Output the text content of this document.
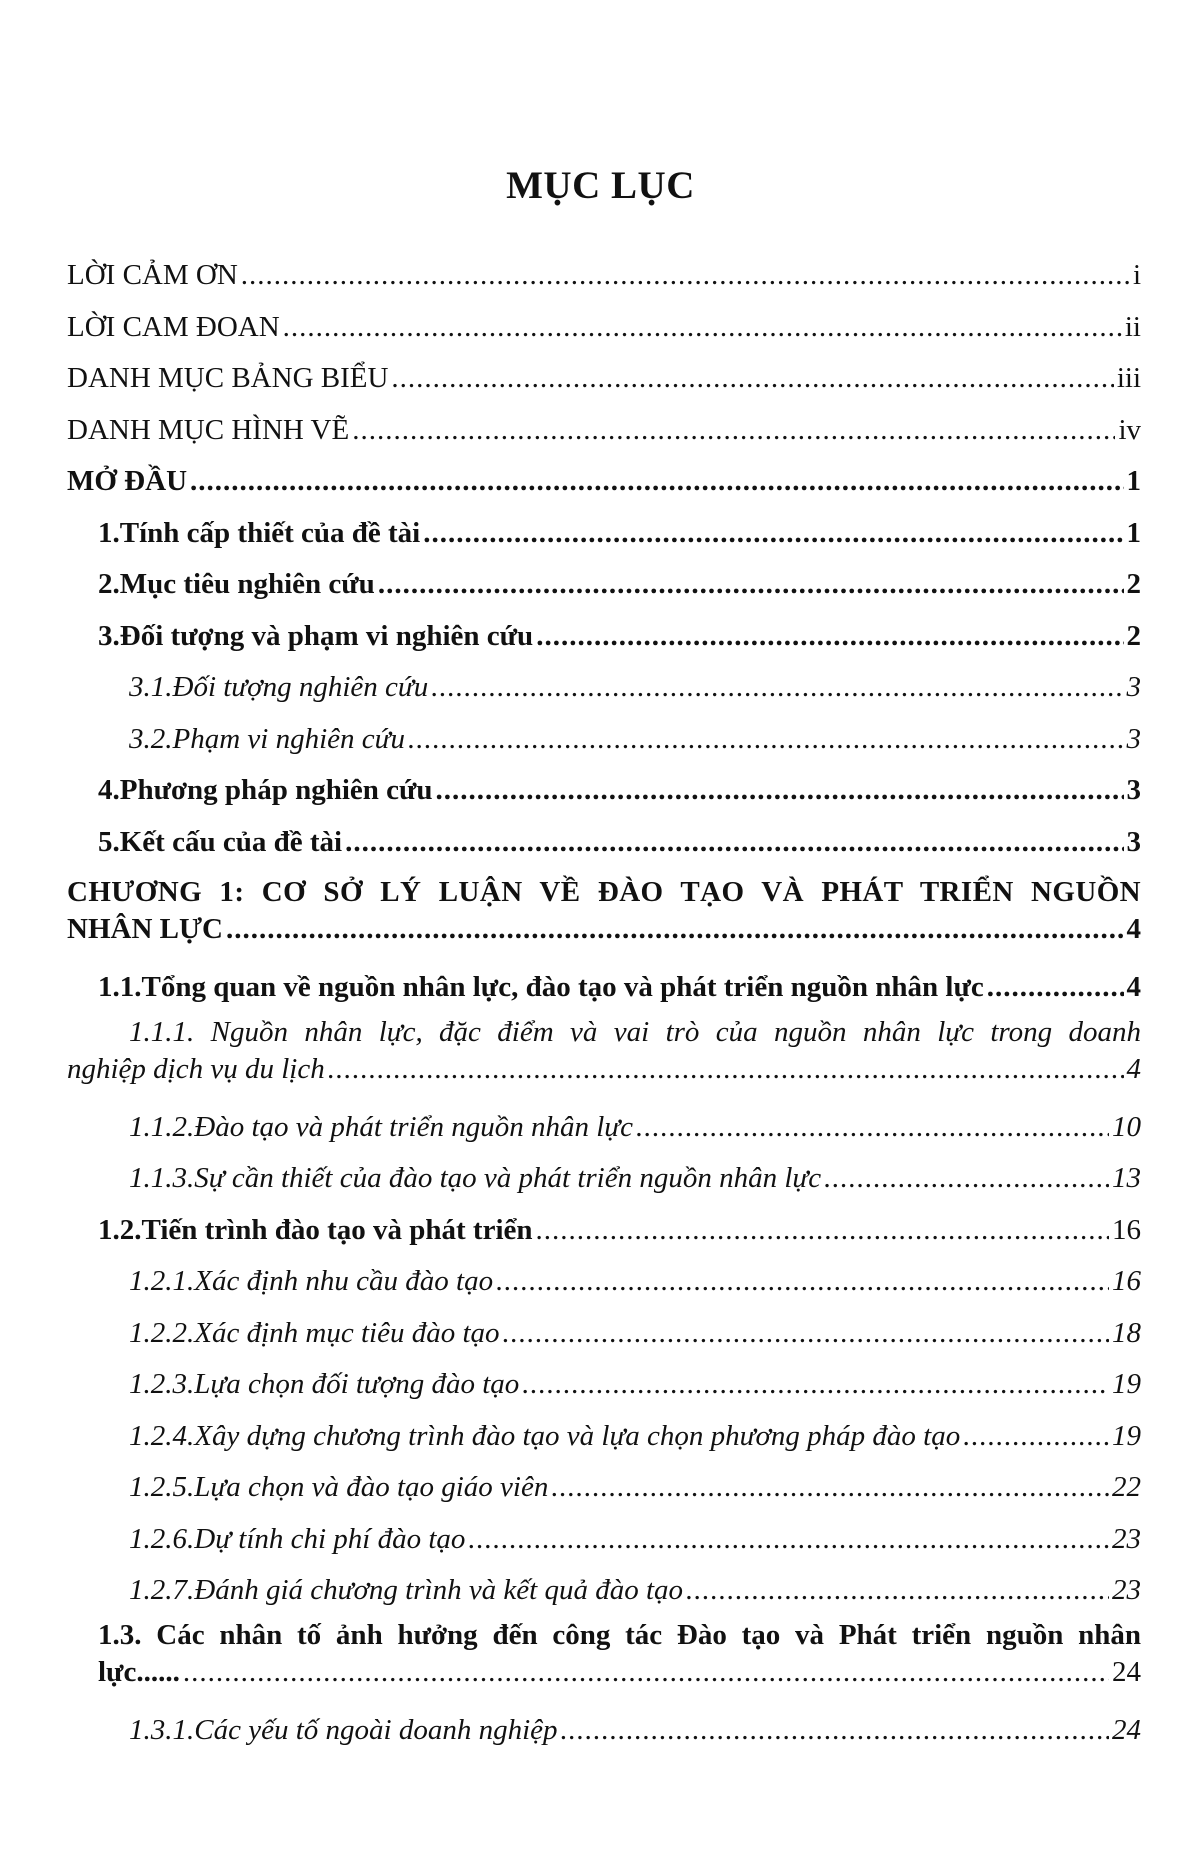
MỤC LỤC
LỜI CẢM ƠN .....	i
LỜI CAM ĐOAN .....	ii
DANH MỤC BẢNG BIỂU .....	iii
DANH MỤC HÌNH VẼ .....	iv
MỞ ĐẦU .....	1
1. Tính cấp thiết của đề tài .....	1
2. Mục tiêu nghiên cứu .....	2
3. Đối tượng và phạm vi nghiên cứu .....	2
3.1. Đối tượng nghiên cứu .....	3
3.2. Phạm vi nghiên cứu .....	3
4. Phương pháp nghiên cứu .....	3
5. Kết cấu của đề tài .....	3
CHƯƠNG 1: CƠ SỞ LÝ LUẬN VỀ ĐÀO TẠO VÀ PHÁT TRIỂN NGUỒN
NHÂN LỰC .....	4
1.1. Tổng quan về nguồn nhân lực, đào tạo và phát triển nguồn nhân lực .....	4
1.1.1. Nguồn nhân lực, đặc điểm và vai trò của nguồn nhân lực trong doanh
nghiệp dịch vụ du lịch .....	4
1.1.2. Đào tạo và phát triển nguồn nhân lực .....	10
1.1.3. Sự cần thiết của đào tạo và phát triển nguồn nhân lực .....	13
1.2. Tiến trình đào tạo và phát triển .....	16
1.2.1. Xác định nhu cầu đào tạo .....	16
1.2.2. Xác định mục tiêu đào tạo .....	18
1.2.3. Lựa chọn đối tượng đào tạo .....	19
1.2.4. Xây dựng chương trình đào tạo và lựa chọn phương pháp đào tạo .....	19
1.2.5. Lựa chọn và đào tạo giáo viên .....	22
1.2.6. Dự tính chi phí đào tạo .....	23
1.2.7. Đánh giá chương trình và kết quả đào tạo .....	23
1.3. Các nhân tố ảnh hưởng đến công tác Đào tạo và Phát triển nguồn nhân
lực...... .....	24
1.3.1. Các yếu tố ngoài doanh nghiệp .....	24
